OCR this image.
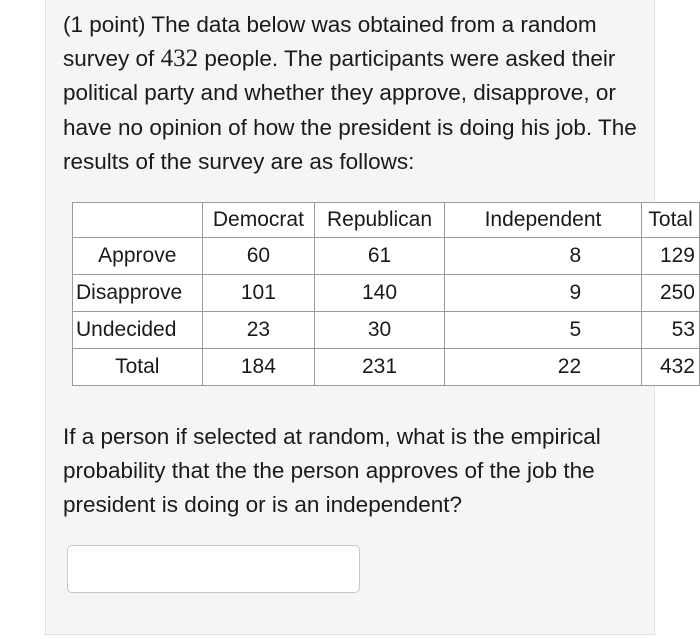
(1 point) The data below was obtained from a random survey of 432 people. The participants were asked their political party and whether they approve, disapprove, or have no opinion of how the president is doing his job. The results of the survey are as follows:
	Democrat	Republican	Independent	Total
Approve	60	61	8	129
Disapprove	101	140	9	250
Undecided	23	30	5	53
Total	184	231	22	432
If a person if selected at random, what is the empirical probability that the the person approves of the job the president is doing or is an independent?
